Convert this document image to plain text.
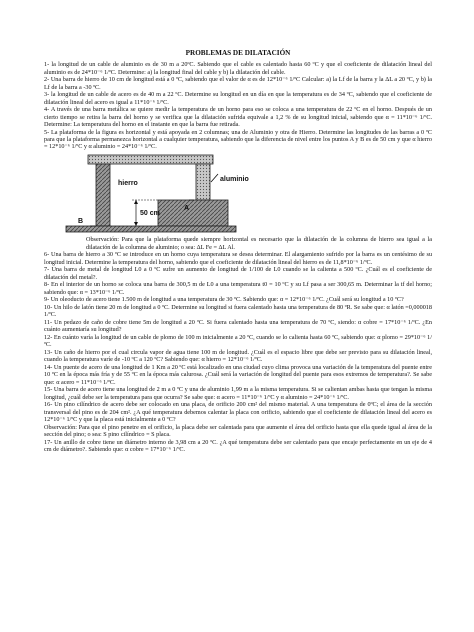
PROBLEMAS DE DILATACIÓN

1- la longitud de un cable de aluminio es de 30 m a 20ºC. Sabiendo que el cable es calentado hasta 60 ºC y que el coeficiente de dilatación lineal del aluminio es de 24*10⁻⁶ 1/ºC. Determine: a) la longitud final del cable y b) la dilatación del cable.

2- Una barra de hierro de 10 cm de longitud está a 0 ºC, sabiendo que el valor de α es de 12*10⁻⁶ 1/ºC Calcular: a) la Lf de la barra y la ΔL a 20 ºC, y b) la Lf de la barra a -30 ºC.

3- la longitud de un cable de acero es de 40 m a 22 ºC. Determine su longitud en un día en que la temperatura es de 34 ºC, sabiendo que el coeficiente de dilatación lineal del acero es igual a 11*10⁻⁶ 1/ºC.

4- A través de una barra metálica se quiere medir la temperatura de un horno para eso se coloca a una temperatura de 22 ºC en el horno. Después de un cierto tiempo se retira la barra del horno y se verifica que la dilatación sufrida equivale a 1,2 % de su longitud inicial, sabiendo que α = 11*10⁻⁶ 1/ºC. Determine: La temperatura del horno en el instante en que la barra fue retirada.

5- La plataforma de la figura es horizontal y está apoyada en 2 columnas; una de Aluminio y otra de Hierro. Determine las longitudes de las barras a 0 ºC para que la plataforma permanezca horizontal a cualquier temperatura, sabiendo que la diferencia de nivel entre los puntos A y B es de 50 cm y que α hierro = 12*10⁻⁶ 1/ºC y α aluminio = 24*10⁻⁶ 1/ºC.

aluminio
hierro
A
B
50 cm

Observación: Para que la plataforma quede siempre horizontal es necesario que la dilatación de la columna de hierro sea igual a la dilatación de la columna de aluminio; o sea: ΔL Fe = ΔL Al.

6- Una barra de hierro a 30 ºC se introduce en un horno cuya temperatura se desea determinar. El alargamiento sufrido por la barra es un centésimo de su longitud inicial. Determine la temperatura del horno, sabiendo que el coeficiente de dilatación lineal del hierro es de 11,8*10⁻⁶ 1/ºC.

7- Una barra de metal de longitud L0 a 0 ºC sufre un aumento de longitud de 1/100 de L0 cuando se la calienta a 500 ºC. ¿Cuál es el coeficiente de dilatación del metal?.

8- En el interior de un horno se coloca una barra de 300,5 m de L0 a una temperatura t0 = 10 ºC y su Lf pasa a ser 300,65 m. Determinar la tf del horno; sabiendo que: α = 13*10⁻⁶ 1/ºC.

9- Un oleoducto de acero tiene 1.500 m de longitud a una temperatura de 30 ºC. Sabiendo que: α = 12*10⁻⁶ 1/ºC. ¿Cuál será su longitud a 10 ºC?

10- Un hilo de latón tiene 20 m de longitud a 0 ºC. Determine su longitud si fuera calentado hasta una temperatura de 80 ºR. Se sabe que: α latón =0,000018 1/ºC.

11- Un pedazo de caño de cobre tiene 5m de longitud a 20 ºC. Si fuera calentado hasta una temperatura de 70 ºC, siendo: α cobre = 17*10⁻⁶ 1/ºC. ¿En cuánto aumentaría su longitud?

12- En cuánto varía la longitud de un cable de plomo de 100 m inicialmente a 20 ºC, cuando se lo calienta hasta 60 ºC, sabiendo que: α plomo = 29*10⁻⁶ 1/ºC.

13- Un caño de hierro por el cual circula vapor de agua tiene 100 m de longitud. ¿Cuál es el espacio libre que debe ser previsto para su dilatación lineal, cuando la temperatura varíe de -10 ºC a 120 ºC? Sabiendo que: α hierro = 12*10⁻⁶ 1/ºC.

14- Un puente de acero de una longitud de 1 Km a 20 ºC está localizado en una ciudad cuyo clima provoca una variación de la temperatura del puente entre 10 ºC en la época más fría y de 55 ºC en la época más calurosa. ¿Cuál será la variación de longitud del puente para esos extremos de temperatura?. Se sabe que: α acero = 11*10⁻⁶ 1/ºC.

15- Una barra de acero tiene una longitud de 2 m a 0 ºC y una de aluminio 1,99 m a la misma temperatura. Si se calientan ambas hasta que tengan la misma longitud, ¿cuál debe ser la temperatura para que ocurra? Se sabe que: α acero = 11*10⁻⁶ 1/ºC y α aluminio = 24*10⁻⁶ 1/ºC.

16- Un pino cilíndrico de acero debe ser colocado en una placa, de orificio 200 cm² del mismo material. A una temperatura de 0ºC; el área de la sección transversal del pino es de 204 cm². ¿A qué temperatura debemos calentar la placa con orificio, sabiendo que el coeficiente de dilatación lineal del acero es 12*10⁻⁶ 1/ºC y que la placa está inicialmente a 0 ºC?

Observación: Para que el pino penetre en el orificio, la placa debe ser calentada para que aumente el área del orificio hasta que ella quede igual al área de la sección del pino; o sea: S pino cilíndrico = S placa.

17- Un anillo de cobre tiene un diámetro interno de 3,98 cm a 20 ºC. ¿A qué temperatura debe ser calentado para que encaje perfectamente en un eje de 4 cm de diámetro?. Sabiendo que: α cobre = 17*10⁻⁶ 1/ºC.
